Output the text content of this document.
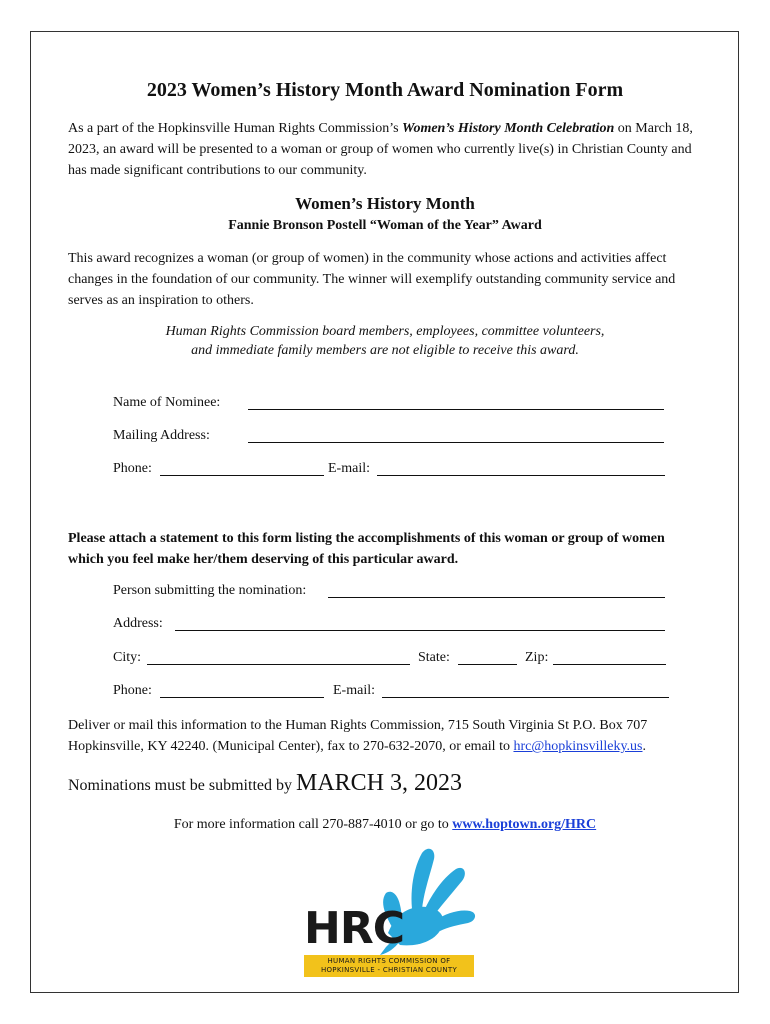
2023 Women’s History Month Award Nomination Form
As a part of the Hopkinsville Human Rights Commission’s Women’s History Month Celebration on March 18, 2023, an award will be presented to a woman or group of women who currently live(s) in Christian County and has made significant contributions to our community.
Women’s History Month
Fannie Bronson Postell “Woman of the Year” Award
This award recognizes a woman (or group of women) in the community whose actions and activities affect changes in the foundation of our community. The winner will exemplify outstanding community service and serves as an inspiration to others.
Human Rights Commission board members, employees, committee volunteers,
and immediate family members are not eligible to receive this award.
Name of Nominee:
Mailing Address:
Phone:	E-mail:
Please attach a statement to this form listing the accomplishments of this woman or group of women which you feel make her/them deserving of this particular award.
Person submitting the nomination:
Address:
City:	State:	Zip:
Phone:	E-mail:
Deliver or mail this information to the Human Rights Commission, 715 South Virginia St P.O. Box 707 Hopkinsville, KY 42240. (Municipal Center), fax to 270-632-2070, or email to hrc@hopkinsvilleky.us.
Nominations must be submitted by MARCH 3, 2023
For more information call 270-887-4010 or go to www.hoptown.org/HRC
HRC
HUMAN RIGHTS COMMISSION OF
HOPKINSVILLE - CHRISTIAN COUNTY
